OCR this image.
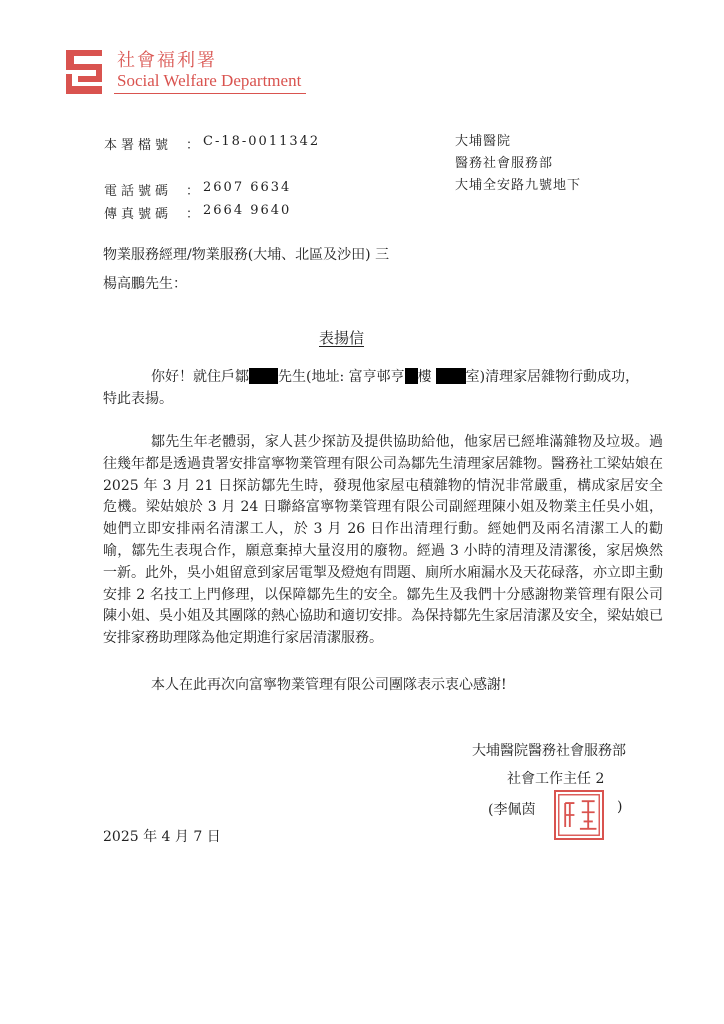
社會福利署
Social Welfare Department
本署檔號 ： C-18-0011342
電話號碼 ： 2607 6634
傳真號碼 ： 2664 9640
大埔醫院
醫務社會服務部
大埔全安路九號地下
物業服務經理/物業服務(大埔、北區及沙田) 三
楊高鵬先生：
表揚信
你好！就住戶鄒 先生(地址: 富亨邨亨 樓 室)清理家居雜物行動成功，
特此表揚。
鄒先生年老體弱，家人甚少探訪及提供協助給他，他家居已經堆滿雜物及垃圾。過往幾年都是透過貴署安排富寧物業管理有限公司為鄒先生清理家居雜物。醫務社工梁姑娘在 2025 年 3 月 21 日探訪鄒先生時，發現他家屋屯積雜物的情況非常嚴重，構成家居安全危機。梁姑娘於 3 月 24 日聯絡富寧物業管理有限公司副經理陳小姐及物業主任吳小姐，她們立即安排兩名清潔工人，於 3 月 26 日作出清理行動。經她們及兩名清潔工人的勸喻，鄒先生表現合作，願意棄掉大量沒用的廢物。經過 3 小時的清理及清潔後，家居煥然一新。此外，吳小姐留意到家居電掣及燈炮有問題、廁所水廂漏水及天花碌落，亦立即主動安排 2 名技工上門修理，以保障鄒先生的安全。鄒先生及我們十分感謝物業管理有限公司陳小姐、吳小姐及其團隊的熱心協助和適切安排。為保持鄒先生家居清潔及安全，梁姑娘已安排家務助理隊為他定期進行家居清潔服務。
本人在此再次向富寧物業管理有限公司團隊表示衷心感謝!
大埔醫院醫務社會服務部
社會工作主任 2
(李佩茵	)
2025 年 4 月 7 日
